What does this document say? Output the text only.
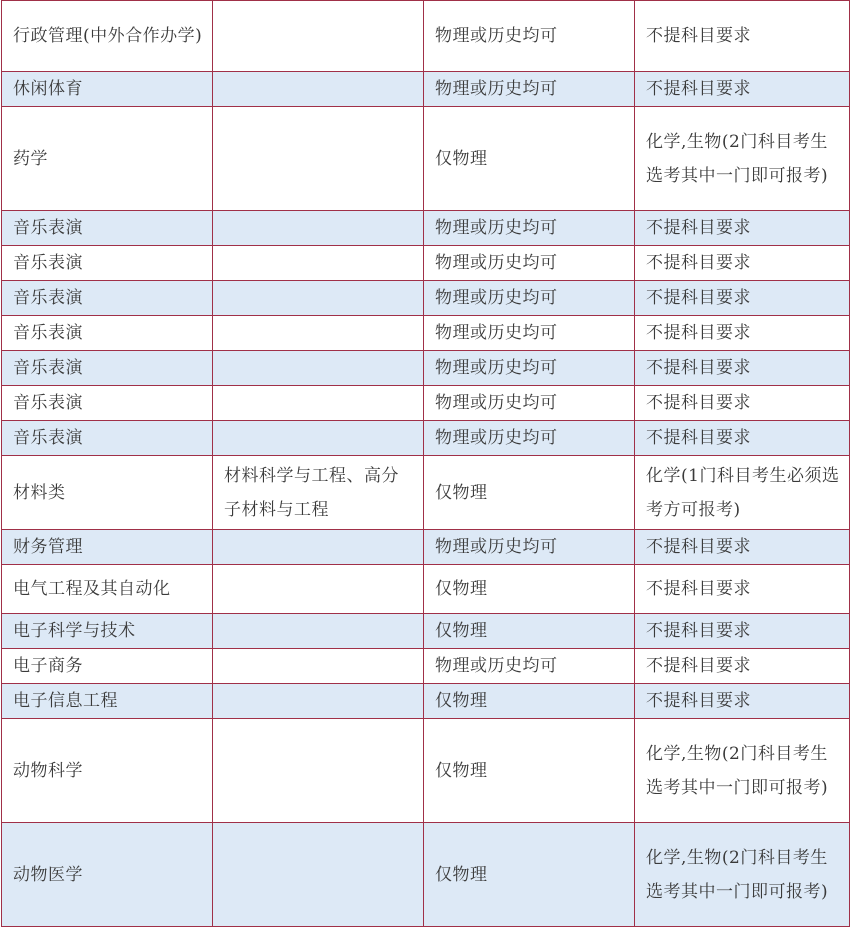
行政管理(中外合作办学)		物理或历史均可	不提科目要求
休闲体育		物理或历史均可	不提科目要求
药学		仅物理	化学,生物(2门科目考生选考其中一门即可报考)
音乐表演		物理或历史均可	不提科目要求
音乐表演		物理或历史均可	不提科目要求
音乐表演		物理或历史均可	不提科目要求
音乐表演		物理或历史均可	不提科目要求
音乐表演		物理或历史均可	不提科目要求
音乐表演		物理或历史均可	不提科目要求
音乐表演		物理或历史均可	不提科目要求
材料类	材料科学与工程、高分子材料与工程	仅物理	化学(1门科目考生必须选考方可报考)
财务管理		物理或历史均可	不提科目要求
电气工程及其自动化		仅物理	不提科目要求
电子科学与技术		仅物理	不提科目要求
电子商务		物理或历史均可	不提科目要求
电子信息工程		仅物理	不提科目要求
动物科学		仅物理	化学,生物(2门科目考生选考其中一门即可报考)
动物医学		仅物理	化学,生物(2门科目考生选考其中一门即可报考)
